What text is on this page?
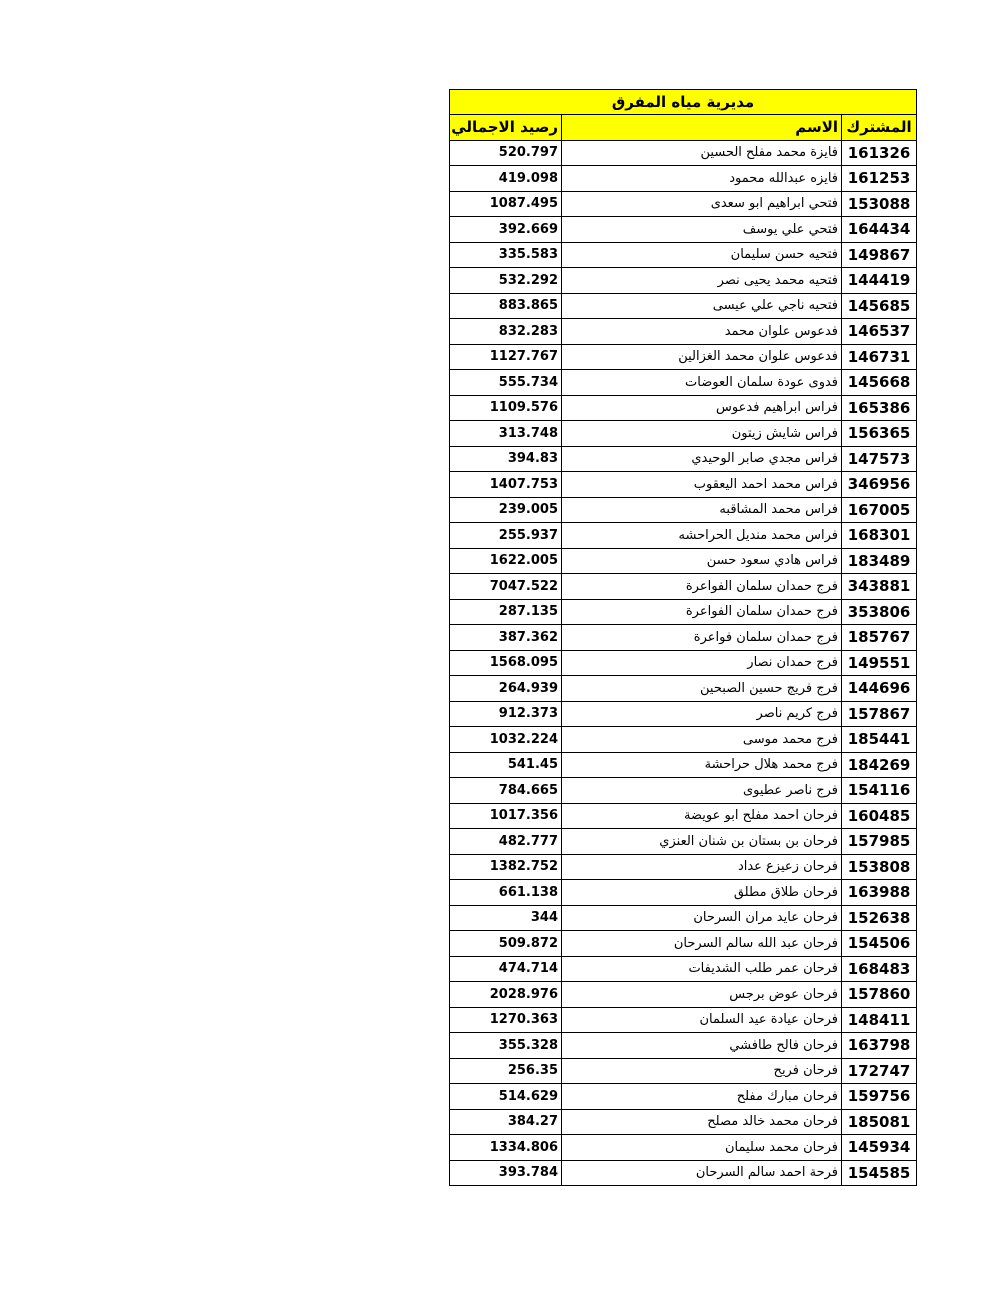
مديرية مياه المفرق		
المشترك	الاسم	رصيد الاجمالي
161326	فايزة محمد مفلح الحسين	520.797
161253	فايزه عبدالله محمود	419.098
153088	فتحي ابراهيم ابو سعدى	1087.495
164434	فتحي علي يوسف	392.669
149867	فتحيه حسن سليمان	335.583
144419	فتحيه محمد يحيى نصر	532.292
145685	فتحيه ناجي علي عيسى	883.865
146537	فدعوس علوان محمد	832.283
146731	فدعوس علوان محمد الغزالين	1127.767
145668	فدوى عودة سلمان العوضات	555.734
165386	فراس ابراهيم فدعوس	1109.576
156365	فراس شايش زيتون	313.748
147573	فراس مجدي صابر الوحيدي	394.83
346956	فراس محمد احمد اليعقوب	1407.753
167005	فراس محمد المشاقبه	239.005
168301	فراس محمد منديل الحراحشه	255.937
183489	فراس هادي سعود حسن	1622.005
343881	فرج حمدان سلمان الفواعرة	7047.522
353806	فرج حمدان سلمان الفواعرة	287.135
185767	فرج حمدان سلمان فواعرة	387.362
149551	فرج حمدان نصار	1568.095
144696	فرج فريج حسين الصبحين	264.939
157867	فرج كريم ناصر	912.373
185441	فرج محمد موسى	1032.224
184269	فرج محمد هلال حراحشة	541.45
154116	فرج ناصر عطيوى	784.665
160485	فرحان احمد مفلح ابو عويضة	1017.356
157985	فرحان بن بستان بن شنان العنزي	482.777
153808	فرحان زعيزع عداد	1382.752
163988	فرحان طلاق مطلق	661.138
152638	فرحان عايد مران السرحان	344
154506	فرحان عبد الله سالم السرحان	509.872
168483	فرحان عمر طلب الشديفات	474.714
157860	فرحان عوض برجس	2028.976
148411	فرحان عيادة عيد السلمان	1270.363
163798	فرحان فالح طافشي	355.328
172747	فرحان فريح	256.35
159756	فرحان مبارك مفلح	514.629
185081	فرحان محمد خالد مصلح	384.27
145934	فرحان محمد سليمان	1334.806
154585	فرحة احمد سالم السرحان	393.784
